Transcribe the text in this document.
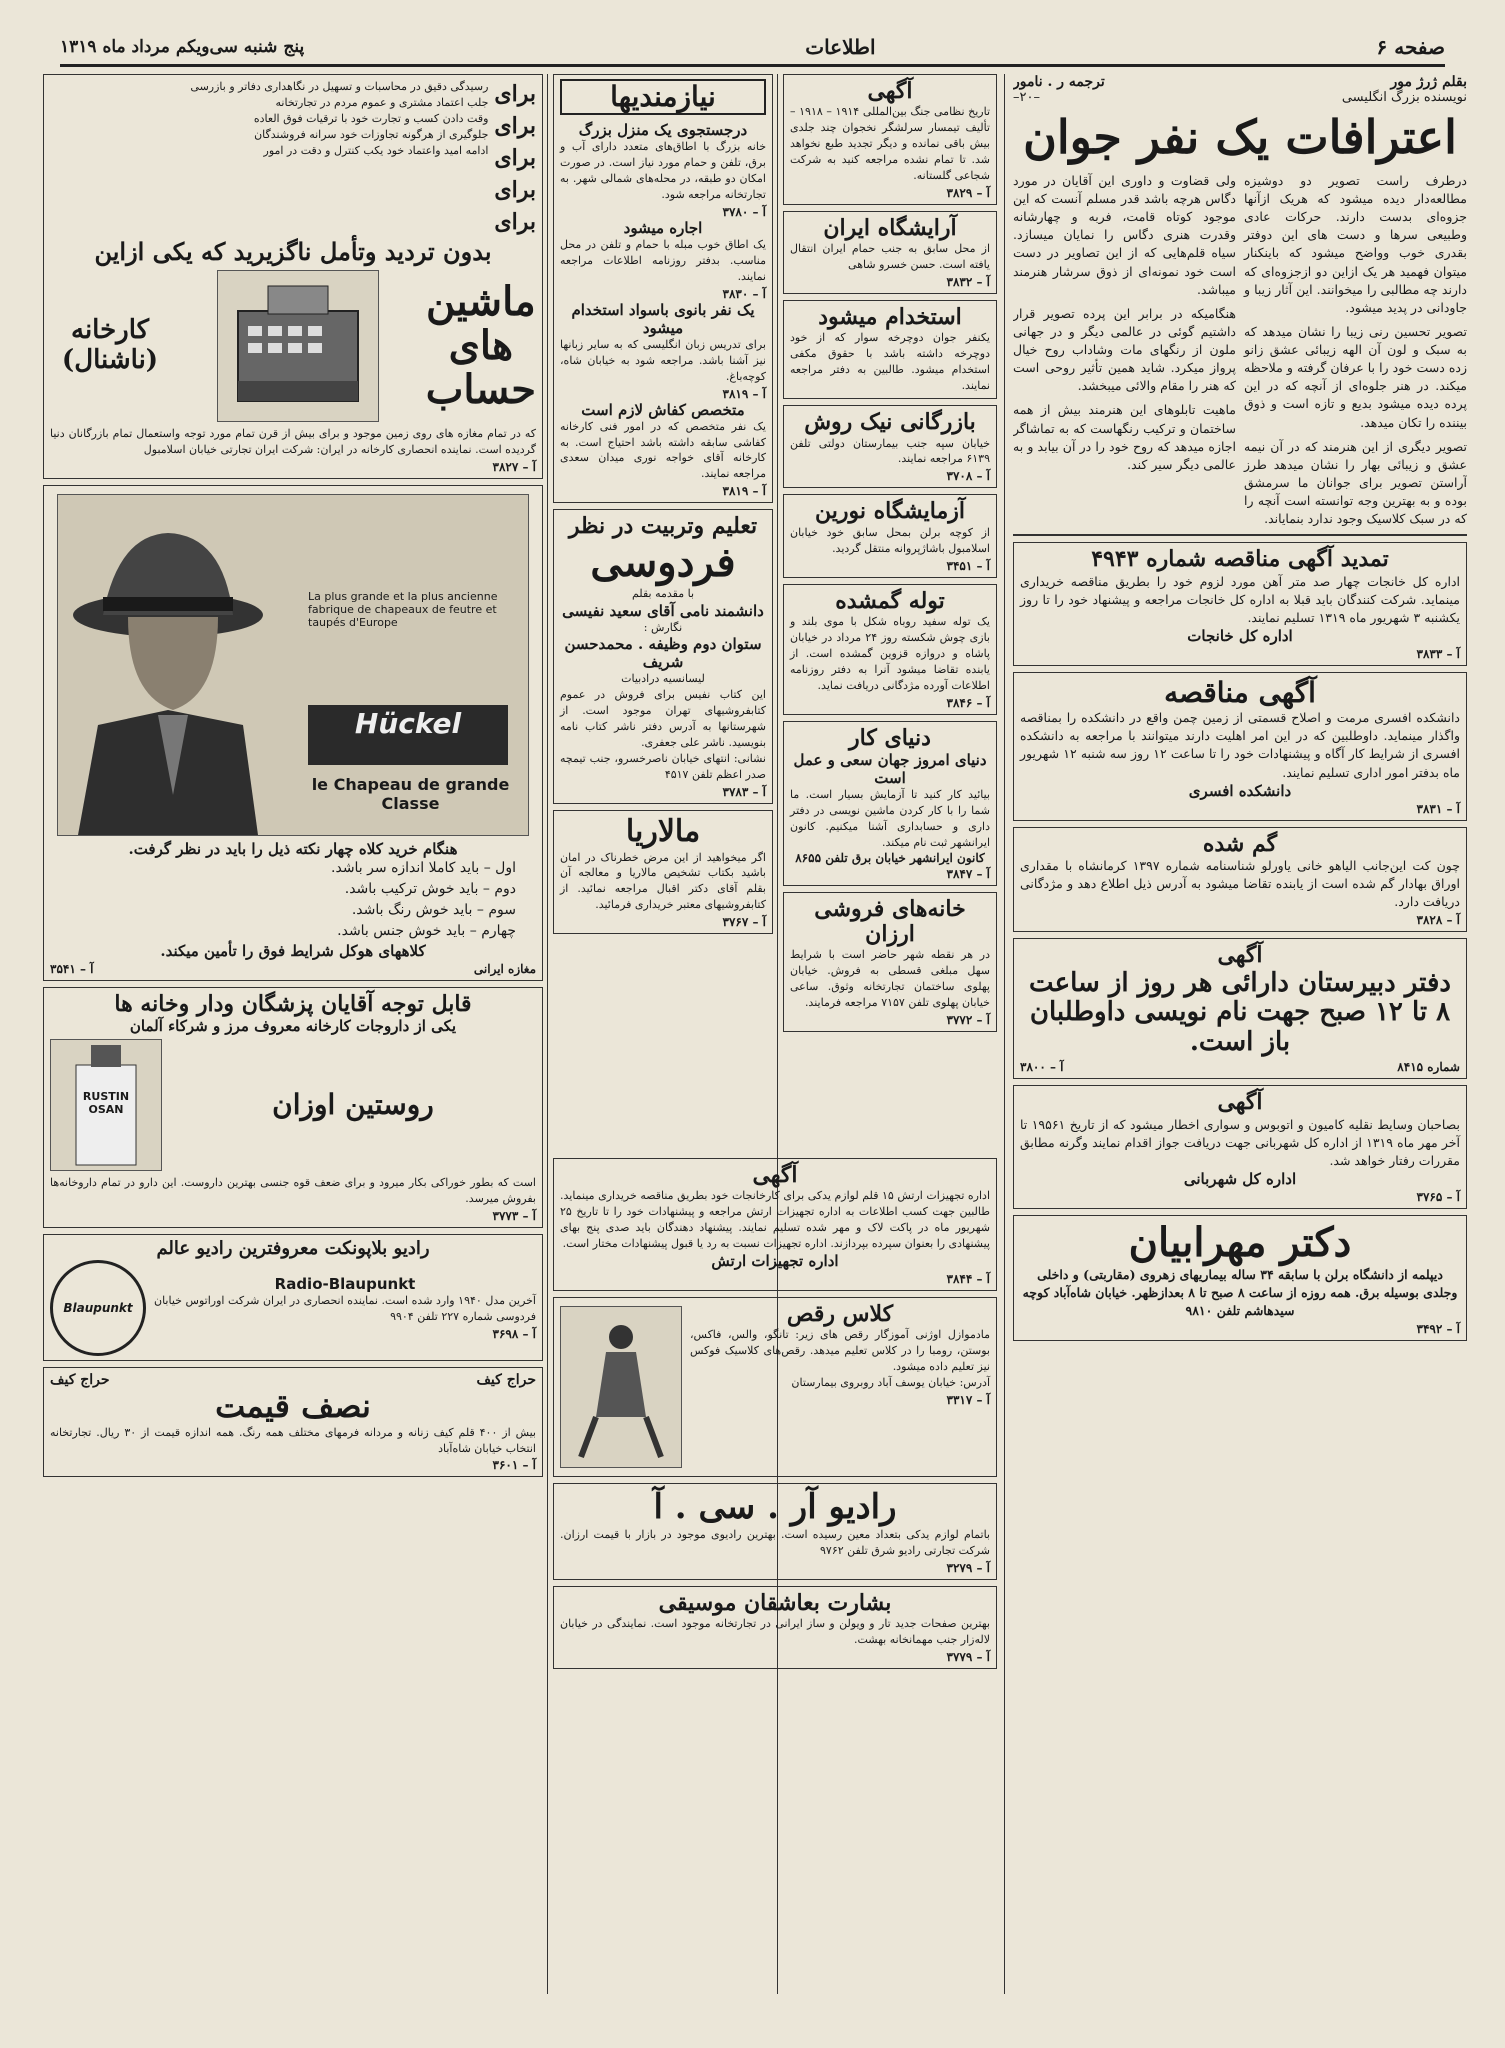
صفحه ۶
اطلاعات
پنج شنبه سی‌ویکم مرداد ماه ۱۳۱۹
بقلم ژرژ مور
ترجمه ر . نامور
نویسنده بزرگ انگلیسی
–۲۰–
اعترافات یک نفر جوان

درطرف راست تصویر دو دوشیزه مطالعه‌دار دیده میشود که هریک ازآنها جزوه‌ای بدست دارند. حرکات عادی وطبیعی سرها و دست های این دوفتر بقدری خوب وواضح میشود که باینکنار میتوان فهمید هر یک ازاین دو ازجزوه‌ای که دارند چه مطالبی را میخوانند. این آثار زیبا و جاودانی در پدید میشود.

تصویر تحسین رنی زیبا را نشان میدهد که به سبک و لون آن الهه زیبائی عشق زانو زده دست خود را با عرفان گرفته و ملاحظه میکند. در هنر جلوه‌ای از آنچه که در این پرده دیده میشود بدیع و تازه است و ذوق بیننده را تکان میدهد.

تصویر دیگری از این هنرمند که در آن نیمه عشق و زیبائی بهار را نشان میدهد طرز آراستن تصویر برای جوانان ما سرمشق بوده و به بهترین وجه توانسته است آنچه را که در سبک کلاسیک وجود ندارد بنمایاند.

ولی قضاوت و داوری این آقایان در مورد دگاس هرچه باشد قدر مسلم آنست که این موجود کوتاه قامت، فربه و چهارشانه وقدرت هنری دگاس را نمایان میسازد. سیاه قلم‌هایی که از این تصاویر در دست است خود نمونه‌ای از ذوق سرشار هنرمند میباشد.

هنگامیکه در برابر این پرده تصویر قرار داشتیم گوئی در عالمی دیگر و در جهانی ملون از رنگهای مات وشاداب روح خیال پرواز میکرد. شاید همین تأثیر روحی است که هنر را مقام والائی میبخشد.

ماهیت تابلوهای این هنرمند بیش از همه ساختمان و ترکیب رنگهاست که به تماشاگر اجازه میدهد که روح خود را در آن بیابد و به عالمی دیگر سیر کند.

تمدید آگهی مناقصه شماره ۴۹۴۳
اداره کل خانجات چهار صد متر آهن مورد لزوم خود را بطریق مناقصه خریداری مینماید. شرکت کنندگان باید قبلا به اداره کل خانجات مراجعه و پیشنهاد خود را تا روز یکشنبه ۳ شهریور ماه ۱۳۱۹ تسلیم نمایند.
اداره کل خانجات
آ – ۳۸۳۳
آگهی مناقصه
دانشکده افسری مرمت و اصلاح قسمتی از زمین چمن واقع در دانشکده را بمناقصه واگذار مینماید. داوطلبین که در این امر اهلیت دارند میتوانند با مراجعه به دانشکده افسری از شرایط کار آگاه و پیشنهادات خود را تا ساعت ۱۲ روز سه شنبه ۱۲ شهریور ماه بدفتر امور اداری تسلیم نمایند.
دانشکده افسری
آ – ۳۸۳۱
گم شده
چون کت این‌جانب الیاهو خانی یاورلو شناسنامه شماره ۱۳۹۷ کرمانشاه با مقداری اوراق بهادار گم شده است از یابنده تقاضا میشود به آدرس ذیل اطلاع دهد و مژدگانی دریافت دارد.
آ – ۳۸۲۸
آگهی
دفتر دبیرستان دارائی هر روز از ساعت ۸ تا ۱۲ صبح جهت نام نویسی داوطلبان باز است.
شماره ۸۴۱۵
آ – ۳۸۰۰
آگهی
بصاحبان وسایط نقلیه کامیون و اتوبوس و سواری اخطار میشود که از تاریخ ۱۹۵۶۱ تا آخر مهر ماه ۱۳۱۹ از اداره کل شهربانی جهت دریافت جواز اقدام نمایند وگرنه مطابق مقررات رفتار خواهد شد.
اداره کل شهربانی
آ – ۳۷۶۵
دکتر مهرابیان
دیپلمه از دانشگاه برلن با سابقه ۳۴ ساله بیماریهای زهروی (مقاربتی) و داخلی وجلدی بوسیله برق. همه روزه از ساعت ۸ صبح تا ۸ بعدازظهر. خیابان شاه‌آباد کوچه سیدهاشم تلفن ۹۸۱۰
آ – ۳۴۹۲
نیازمندیها
درجستجوی یک منزل بزرگ
خانه بزرگ با اطاق‌های متعدد دارای آب و برق، تلفن و حمام مورد نیاز است. در صورت امکان دو طبقه، در محله‌های شمالی شهر. به تجارتخانه مراجعه شود.
آ – ۳۷۸۰
اجاره میشود
یک اطاق خوب مبله با حمام و تلفن در محل مناسب. بدفتر روزنامه اطلاعات مراجعه نمایند.
آ – ۳۸۳۰
یک نفر بانوی باسواد استخدام میشود
برای تدریس زبان انگلیسی که به سایر زبانها نیز آشنا باشد. مراجعه شود به خیابان شاه، کوچه‌باغ.
آ – ۳۸۱۹
متخصص کفاش لازم است
یک نفر متخصص که در امور فنی کارخانه کفاشی سابقه داشته باشد احتیاج است. به کارخانه آقای خواجه نوری میدان سعدی مراجعه نمایند.
آ – ۳۸۱۹
تعلیم وتربیت در نظر
فردوسی
با مقدمه بقلم
دانشمند نامی آقای سعید نفیسی
نگارش :
ستوان دوم وظیفه . محمدحسن شریف
لیسانسیه درادبیات
این کتاب نفیس برای فروش در عموم کتابفروشیهای تهران موجود است. از شهرستانها به آدرس دفتر ناشر کتاب نامه بنویسید. ناشر علی جعفری.
نشانی: انتهای خیابان ناصرخسرو، جنب تیمچه صدر اعظم تلفن ۴۵۱۷
آ – ۳۷۸۳
مالاریا
اگر میخواهید از این مرض خطرناک در امان باشید بکتاب تشخیص مالاریا و معالجه آن بقلم آقای دکتر اقبال مراجعه نمائید. از کتابفروشیهای معتبر خریداری فرمائید.
آ – ۳۷۶۷
آگهی
تاریخ نظامی جنگ بین‌المللی ۱۹۱۴ – ۱۹۱۸ – تألیف تیمسار سرلشگر نخجوان چند جلدی بیش باقی نمانده و دیگر تجدید طبع نخواهد شد. تا تمام نشده مراجعه کنید به شرکت شجاعی گلستانه.
آ – ۳۸۲۹
آرایشگاه ایران
از محل سابق به جنب حمام ایران انتقال یافته است. حسن خسرو شاهی
آ – ۳۸۳۲
استخدام میشود
یکنفر جوان دوچرخه سوار که از خود دوچرخه داشته باشد با حقوق مکفی استخدام میشود. طالبین به دفتر مراجعه نمایند.
بازرگانی نیک روش
خیابان سپه جنب بیمارستان دولتی تلفن ۶۱۳۹ مراجعه نمایند.
آ – ۳۷۰۸
آزمایشگاه نورین
از کوچه برلن بمحل سابق خود خیابان اسلامبول باشاژپروانه منتقل گردید.
آ – ۳۴۵۱
توله گمشده
یک توله سفید روباه شکل با موی بلند و بازی چوش شکسته روز ۲۴ مرداد در خیابان پاشاه و دروازه قزوین گمشده است. از یابنده تقاضا میشود آنرا به دفتر روزنامه اطلاعات آورده مژدگانی دریافت نماید.
آ – ۳۸۴۶
دنیای کار
دنیای امروز جهان سعی و عمل است
بیائید کار کنید تا آزمایش بسیار است. ما شما را با کار کردن ماشین نویسی در دفتر داری و حسابداری آشنا میکنیم. کانون ایرانشهر ثبت نام میکند.
کانون ایرانشهر خیابان برق تلفن ۸۶۵۵
آ – ۳۸۴۷
خانه‌های فروشی ارزان
در هر نقطه شهر حاضر است با شرایط سهل مبلغی قسطی به فروش. خیابان پهلوی ساختمان تجارتخانه وثوق. ساعی خیابان پهلوی تلفن ۷۱۵۷ مراجعه فرمایند.
آ – ۳۷۷۲
آگهی
اداره تجهیزات ارتش ۱۵ قلم لوازم یدکی برای کارخانجات خود بطریق مناقصه خریداری مینماید. طالبین جهت کسب اطلاعات به اداره تجهیزات ارتش مراجعه و پیشنهادات خود را تا تاریخ ۲۵ شهریور ماه در پاکت لاک و مهر شده تسلیم نمایند. پیشنهاد دهندگان باید صدی پنج بهای پیشنهادی را بعنوان سپرده بپردازند. اداره تجهیزات نسبت به رد یا قبول پیشنهادات مختار است.
اداره تجهیزات ارتش
آ – ۳۸۴۴
کلاس رقص
مادموازل اوژنی آموزگار رقص های زیر: تانگو، والس، فاکس، بوستن، رومبا را در کلاس تعلیم میدهد. رقص‌های کلاسیک فوکس نیز تعلیم داده میشود.
آدرس: خیابان یوسف آباد روبروی بیمارستان
آ – ۳۳۱۷
رادیو آر . سی . آ
باتمام لوازم یدکی بتعداد معین رسیده است. بهترین رادیوی موجود در بازار با قیمت ارزان. شرکت تجارتی رادیو شرق تلفن ۹۷۶۲
آ – ۳۲۷۹
بشارت بعاشقان موسیقی
بهترین صفحات جدید تار و ویولن و ساز ایرانی در تجارتخانه موجود است. نمایندگی در خیابان لاله‌زار جنب مهمانخانه بهشت.
آ – ۳۷۷۹
برای
برای
برای
برای
برای
رسیدگی دقیق در محاسبات و تسهیل در نگاهداری دفاتر و بازرسی
جلب اعتماد مشتری و عموم مردم در تجارتخانه
وقت دادن کسب و تجارت خود با ترقیات فوق العاده
جلوگیری از هرگونه تجاوزات خود سرانه فروشندگان
ادامه امید واعتماد خود یکب کنترل و دقت در امور
بدون تردید وتأمل ناگزیرید که یکی ازاین
ماشین
های
حساب
کارخانه (ناشنال)
که در تمام مغازه های روی زمین موجود و برای بیش از قرن تمام مورد توجه واستعمال تمام بازرگانان دنیا گردیده است. نماینده انحصاری کارخانه در ایران: شرکت ایران تجارتی خیابان اسلامبول
آ – ۳۸۲۷
La plus grande et la plus ancienne fabrique de chapeaux de feutre et taupés d'Europe
Hückel
le Chapeau de grande Classe
هنگام خرید کلاه چهار نکته ذیل را باید در نظر گرفت.
اول – باید کاملا اندازه سر باشد.
دوم – باید خوش ترکیب باشد.
سوم – باید خوش رنگ باشد.
چهارم – باید خوش جنس باشد.
کلاههای هوکل شرایط فوق را تأمین میکند.
مغازه ایرانی
آ – ۳۵۴۱
قابل توجه آقایان پزشگان ودار وخانه ها
یکی از داروجات کارخانه معروف مرز و شرکاء آلمان
روستین اوزان
RUSTIN OSAN
است که بطور خوراکی بکار میرود و برای ضعف قوه جنسی بهترین داروست. این دارو در تمام داروخانه‌ها بفروش میرسد.
آ – ۳۷۷۳
رادیو بلاپونکت معروفترین رادیو عالم
Radio-Blaupunkt
آخرین مدل ۱۹۴۰ وارد شده است. نماینده انحصاری در ایران شرکت اوراتوس خیابان فردوسی شماره ۲۲۷ تلفن ۹۹۰۴
آ – ۳۶۹۸
Blaupunkt
حراج کیف
حراج کیف
نصف قیمت
بیش از ۴۰۰ قلم کیف زنانه و مردانه فرمهای مختلف همه رنگ. همه اندازه قیمت از ۳۰ ریال. تجارتخانه انتخاب خیابان شاه‌آباد
آ – ۳۶۰۱
